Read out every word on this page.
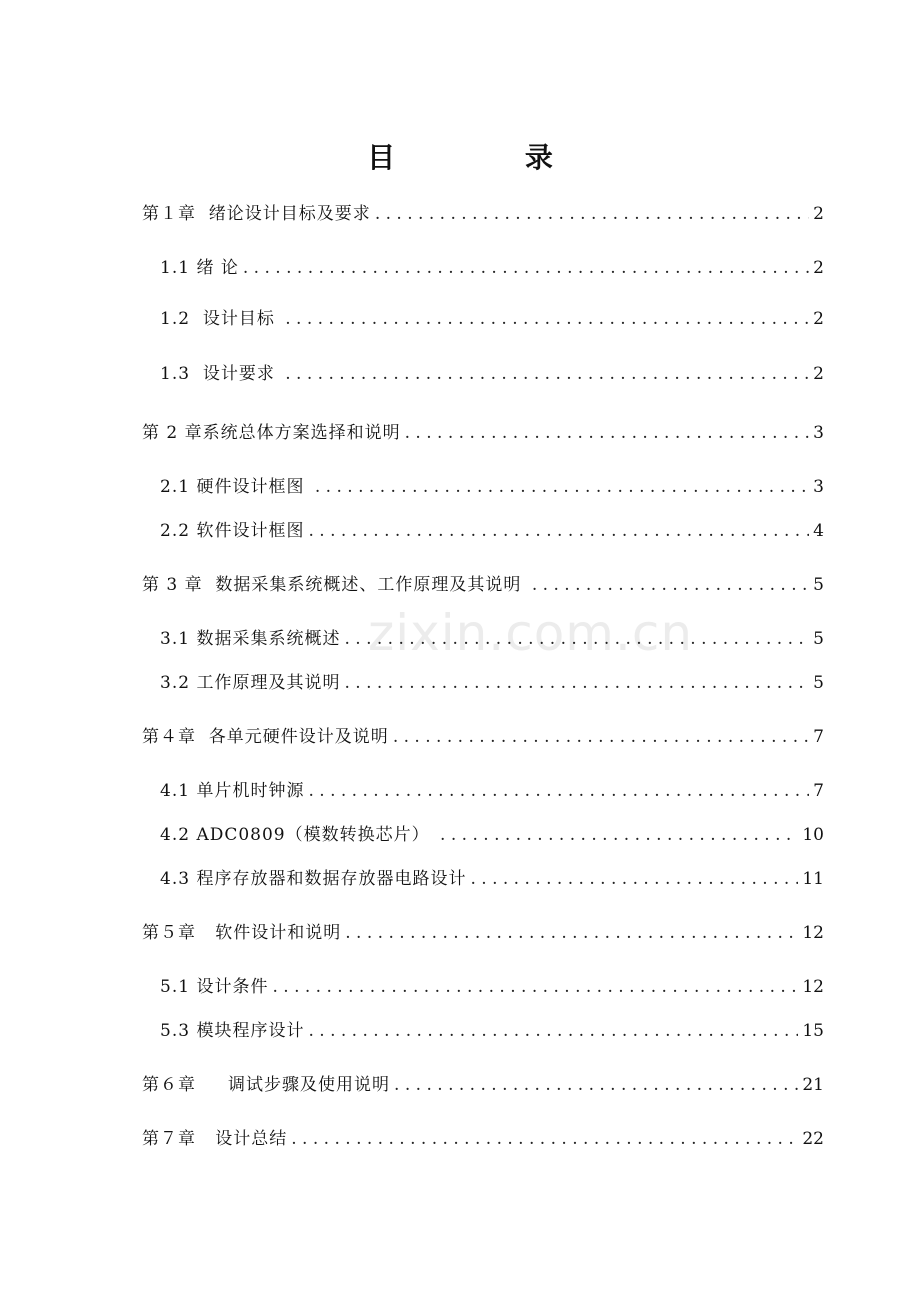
目 录
zixin.com.cn
第１章  绪论设计目标及要求 . . .	2
1.1 绪 论 . . .	2
1.2  设计目标 . . .	2
1.3  设计要求 . . .	2
第 2 章系统总体方案选择和说明 . . .	3
2.1 硬件设计框图 . . .	3
2.2 软件设计框图 . . .	4
第 3 章  数据采集系统概述、工作原理及其说明 . . .	5
3.1 数据采集系统概述 . . .	5
3.2 工作原理及其说明 . . .	5
第４章  各单元硬件设计及说明 . . .	7
4.1 单片机时钟源 . . .	7
4.2 ADC0809（模数转换芯片） . . .	10
4.3 程序存放器和数据存放器电路设计 . . .	11
第５章   软件设计和说明 . . .	12
5.1 设计条件 . . .	12
5.3 模块程序设计 . . .	15
第６章     调试步骤及使用说明 . . .	21
第７章   设计总结 . . .	22
